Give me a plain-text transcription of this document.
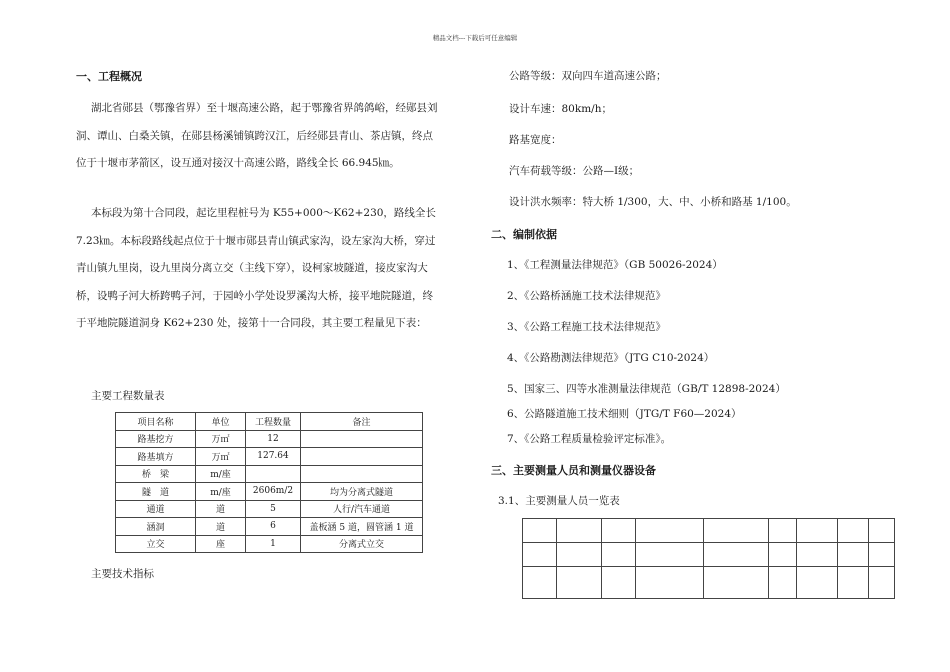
精品文档---下载后可任意编辑
一、工程概况
湖北省郧县（鄂豫省界）至十堰高速公路，起于鄂豫省界鸽鸽峪，经郧县刘
洞、谭山、白桑关镇，在郧县杨溪铺镇跨汉江，后经郧县青山、茶店镇，终点
位于十堰市茅箭区，设互通对接汉十高速公路，路线全长 66.945㎞。
本标段为第十合同段，起讫里程桩号为 K55+000～K62+230，路线全长
7.23㎞。本标段路线起点位于十堰市郧县青山镇武家沟，设左家沟大桥，穿过
青山镇九里岗，设九里岗分离立交（主线下穿），设柯家坡隧道，接皮家沟大
桥，设鸭子河大桥跨鸭子河，于园岭小学处设罗溪沟大桥，接平地院隧道，终
于平地院隧道洞身 K62+230 处，接第十一合同段，其主要工程量见下表：
主要工程数量表
项目名称	单位	工程数量	备注
路基挖方	万㎡	12	
路基填方	万㎡	127.64	
桥　梁	m/座		
隧　道	m/座	2606m/2	均为分离式隧道
通道	道	5	人行/汽车通道
涵洞	道	6	盖板涵 5 道，圆管涵 1 道
立交	座	1	分离式立交
主要技术指标
公路等级：双向四车道高速公路；
设计车速：80km/h；
路基宽度：
汽车荷载等级：公路—Ⅰ级；
设计洪水频率：特大桥 1/300，大、中、小桥和路基 1/100。
二、编制依据
1、《工程测量法律规范》（GB 50026-2024）
2、《公路桥涵施工技术法律规范》
3、《公路工程施工技术法律规范》
4、《公路勘测法律规范》（JTG C10-2024）
5、国家三、四等水准测量法律规范（GB/T 12898-2024）
6、公路隧道施工技术细则（JTG/T F60—2024）
7、《公路工程质量检验评定标准》。
三、主要测量人员和测量仪器设备
3.1、主要测量人员一览表
